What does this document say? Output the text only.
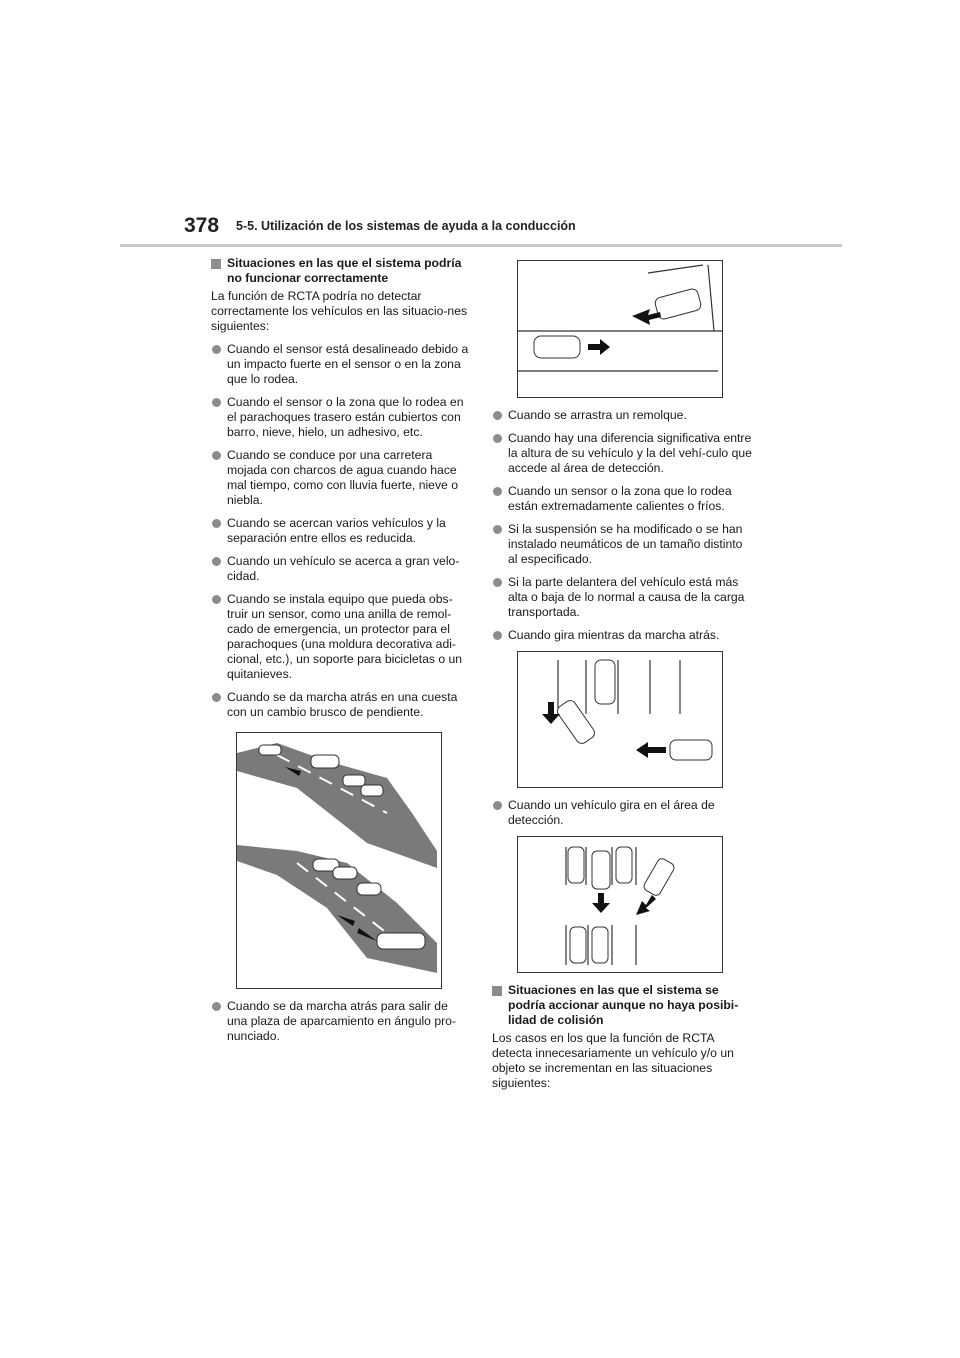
378 5-5. Utilización de los sistemas de ayuda a la conducción
Situaciones en las que el sistema podría no funcionar correctamente

La función de RCTA podría no detectar correctamente los vehículos en las situacio-nes siguientes:

Cuando el sensor está desalineado debido a un impacto fuerte en el sensor o en la zona que lo rodea.
Cuando el sensor o la zona que lo rodea en el parachoques trasero están cubiertos con barro, nieve, hielo, un adhesivo, etc.
Cuando se conduce por una carretera mojada con charcos de agua cuando hace mal tiempo, como con lluvia fuerte, nieve o niebla.
Cuando se acercan varios vehículos y la separación entre ellos es reducida.
Cuando un vehículo se acerca a gran velo-cidad.
Cuando se instala equipo que pueda obs-truir un sensor, como una anilla de remol-cado de emergencia, un protector para el parachoques (una moldura decorativa adi-cional, etc.), un soporte para bicicletas o un quitanieves.
Cuando se da marcha atrás en una cuesta con un cambio brusco de pendiente.
Cuando se da marcha atrás para salir de una plaza de aparcamiento en ángulo pro-nunciado.
Cuando se arrastra un remolque.
Cuando hay una diferencia significativa entre la altura de su vehículo y la del vehí-culo que accede al área de detección.
Cuando un sensor o la zona que lo rodea están extremadamente calientes o fríos.
Si la suspensión se ha modificado o se han instalado neumáticos de un tamaño distinto al especificado.
Si la parte delantera del vehículo está más alta o baja de lo normal a causa de la carga transportada.
Cuando gira mientras da marcha atrás.
Cuando un vehículo gira en el área de detección.
Situaciones en las que el sistema se podría accionar aunque no haya posibi-lidad de colisión

Los casos en los que la función de RCTA detecta innecesariamente un vehículo y/o un objeto se incrementan en las situaciones siguientes:
